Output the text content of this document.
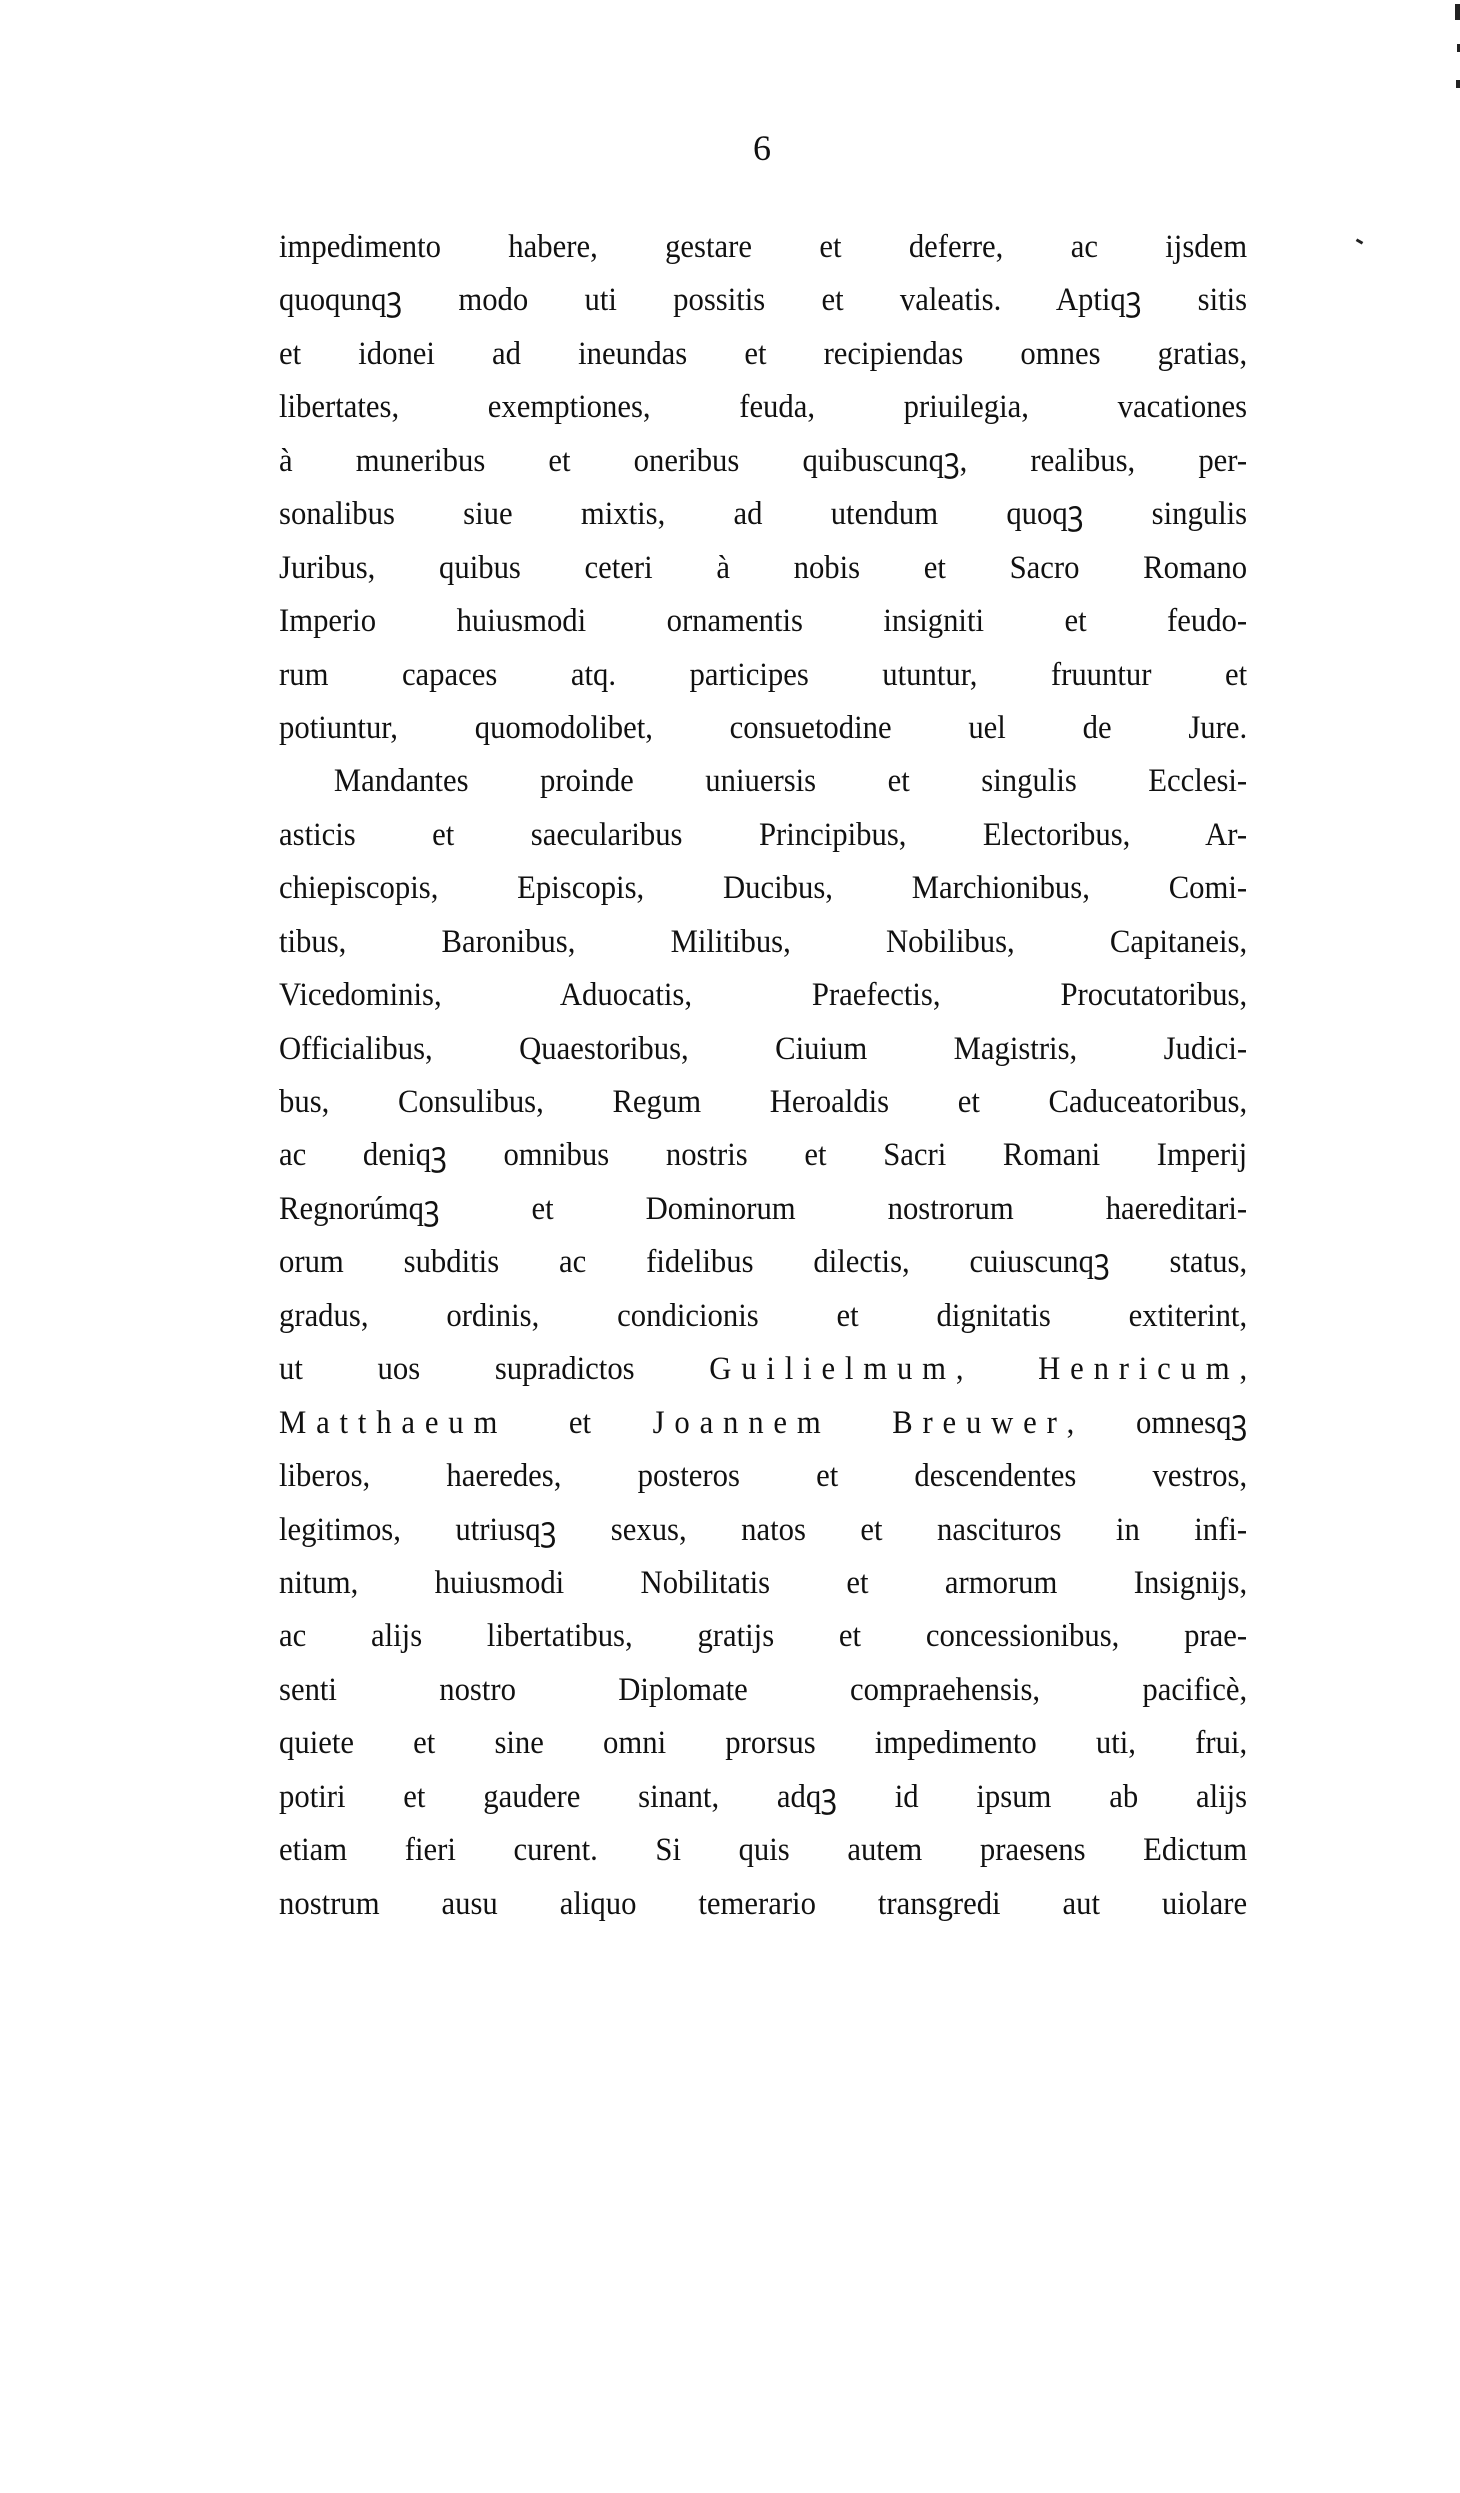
6
impedimento habere, gestare et deferre, ac ijsdem
quoqunqꝫ modo uti possitis et valeatis. Aptiqꝫ sitis
et idonei ad ineundas et recipiendas omnes gratias,
libertates, exemptiones, feuda, priuilegia, vacationes
à muneribus et oneribus quibuscunqꝫ, realibus, per-
sonalibus siue mixtis, ad utendum quoqꝫ singulis
Juribus, quibus ceteri à nobis et Sacro Romano
Imperio huiusmodi ornamentis insigniti et feudo-
rum capaces atq. participes utuntur, fruuntur et
potiuntur, quomodolibet, consuetodine uel de Jure.
Mandantes proinde uniuersis et singulis Ecclesi-
asticis et saecularibus Principibus, Electoribus, Ar-
chiepiscopis, Episcopis, Ducibus, Marchionibus, Comi-
tibus, Baronibus, Militibus, Nobilibus, Capitaneis,
Vicedominis, Aduocatis, Praefectis, Procutatoribus,
Officialibus, Quaestoribus, Ciuium Magistris, Judici-
bus, Consulibus, Regum Heroaldis et Caduceatoribus,
ac deniqꝫ omnibus nostris et Sacri Romani Imperij
Regnorúmqꝫ et Dominorum nostrorum haereditari-
orum subditis ac fidelibus dilectis, cuiuscunqꝫ status,
gradus, ordinis, condicionis et dignitatis extiterint,
ut uos supradictos Guilielmum, Henricum,
Matthaeum et Joannem Breuwer, omnesqꝫ
liberos, haeredes, posteros et descendentes vestros,
legitimos, utriusqꝫ sexus, natos et nascituros in infi-
nitum, huiusmodi Nobilitatis et armorum Insignijs,
ac alijs libertatibus, gratijs et concessionibus, prae-
senti nostro Diplomate compraehensis, pacificè,
quiete et sine omni prorsus impedimento uti, frui,
potiri et gaudere sinant, adqꝫ id ipsum ab alijs
etiam fieri curent. Si quis autem praesens Edictum
nostrum ausu aliquo temerario transgredi aut uiolare
